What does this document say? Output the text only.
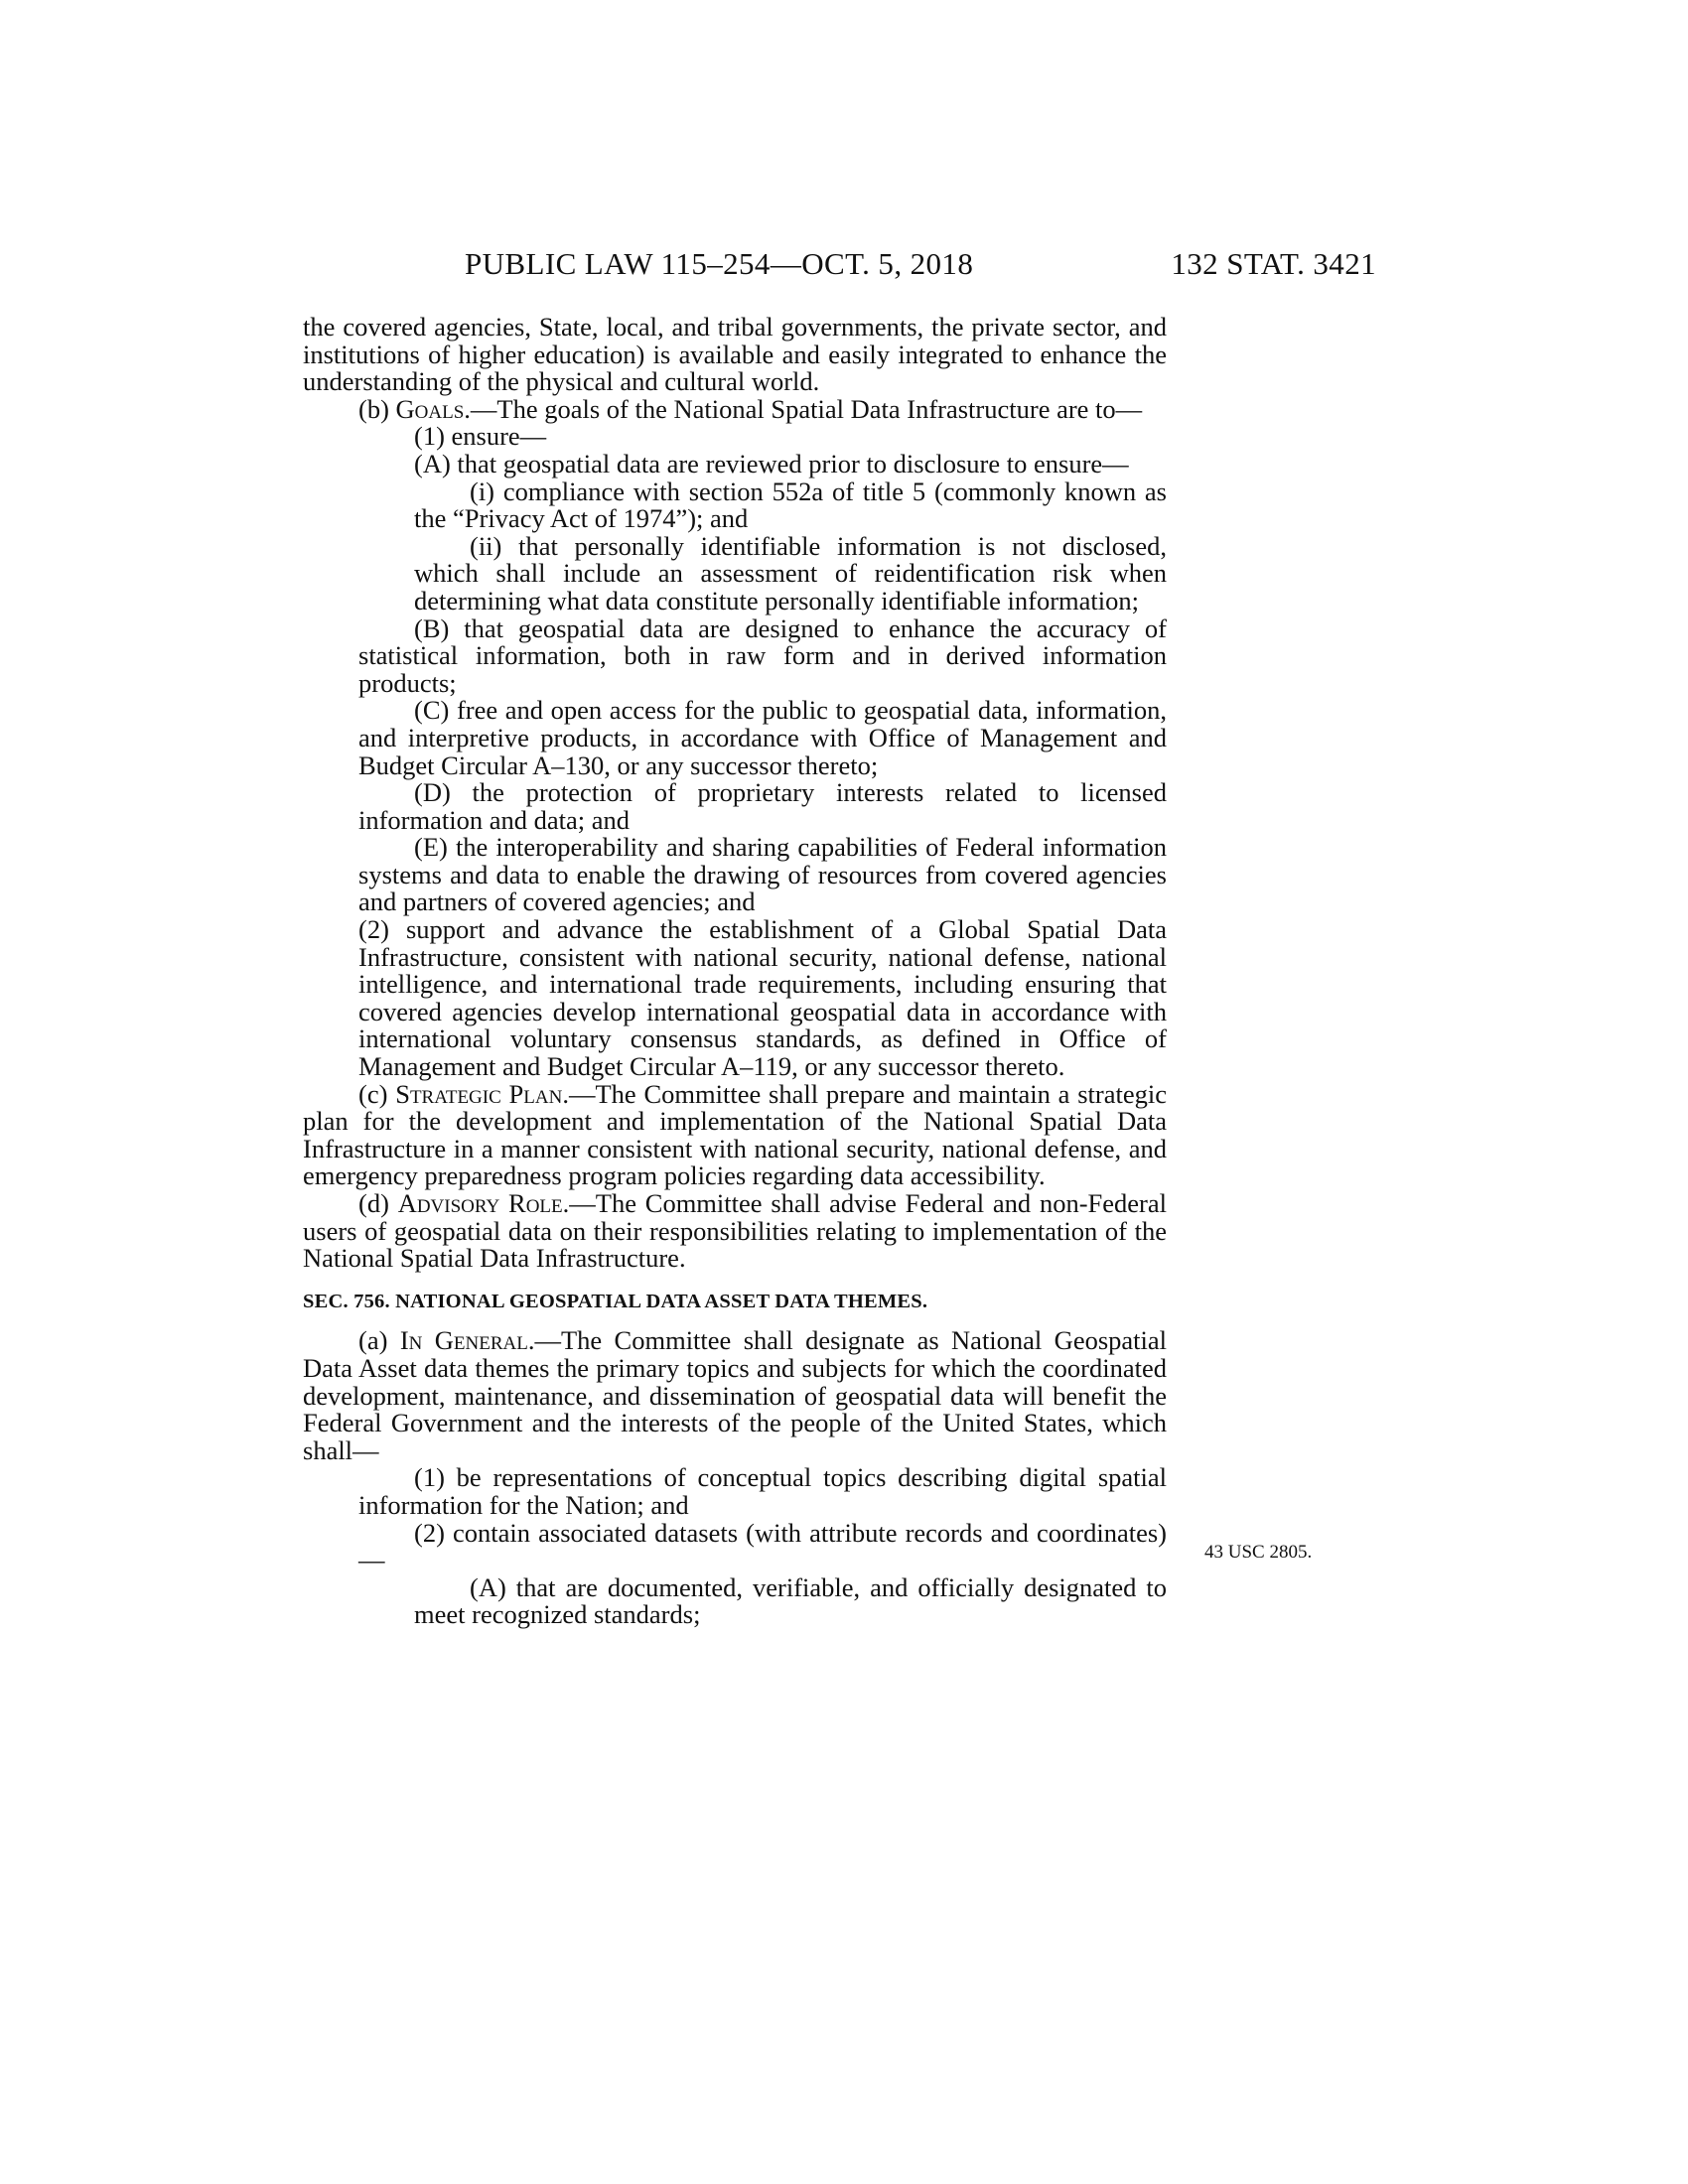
PUBLIC LAW 115–254—OCT. 5, 2018	132 STAT. 3421

the covered agencies, State, local, and tribal governments, the private sector, and institutions of higher education) is available and easily integrated to enhance the understanding of the physical and cultural world.

(b) Goals.—The goals of the National Spatial Data Infrastructure are to—

(1) ensure—

(A) that geospatial data are reviewed prior to disclosure to ensure—

(i) compliance with section 552a of title 5 (commonly known as the “Privacy Act of 1974”); and

(ii) that personally identifiable information is not disclosed, which shall include an assessment of reidentification risk when determining what data constitute personally identifiable information;

(B) that geospatial data are designed to enhance the accuracy of statistical information, both in raw form and in derived information products;

(C) free and open access for the public to geospatial data, information, and interpretive products, in accordance with Office of Management and Budget Circular A–130, or any successor thereto;

(D) the protection of proprietary interests related to licensed information and data; and

(E) the interoperability and sharing capabilities of Federal information systems and data to enable the drawing of resources from covered agencies and partners of covered agencies; and

(2) support and advance the establishment of a Global Spatial Data Infrastructure, consistent with national security, national defense, national intelligence, and international trade requirements, including ensuring that covered agencies develop international geospatial data in accordance with international voluntary consensus standards, as defined in Office of Management and Budget Circular A–119, or any successor thereto.

(c) Strategic Plan.—The Committee shall prepare and maintain a strategic plan for the development and implementation of the National Spatial Data Infrastructure in a manner consistent with national security, national defense, and emergency preparedness program policies regarding data accessibility.

(d) Advisory Role.—The Committee shall advise Federal and non-Federal users of geospatial data on their responsibilities relating to implementation of the National Spatial Data Infrastructure.

SEC. 756. NATIONAL GEOSPATIAL DATA ASSET DATA THEMES.

(a) In General.—The Committee shall designate as National Geospatial Data Asset data themes the primary topics and subjects for which the coordinated development, maintenance, and dissemination of geospatial data will benefit the Federal Government and the interests of the people of the United States, which shall—

(1) be representations of conceptual topics describing digital spatial information for the Nation; and

(2) contain associated datasets (with attribute records and coordinates)—

(A) that are documented, verifiable, and officially designated to meet recognized standards;

43 USC 2805.
